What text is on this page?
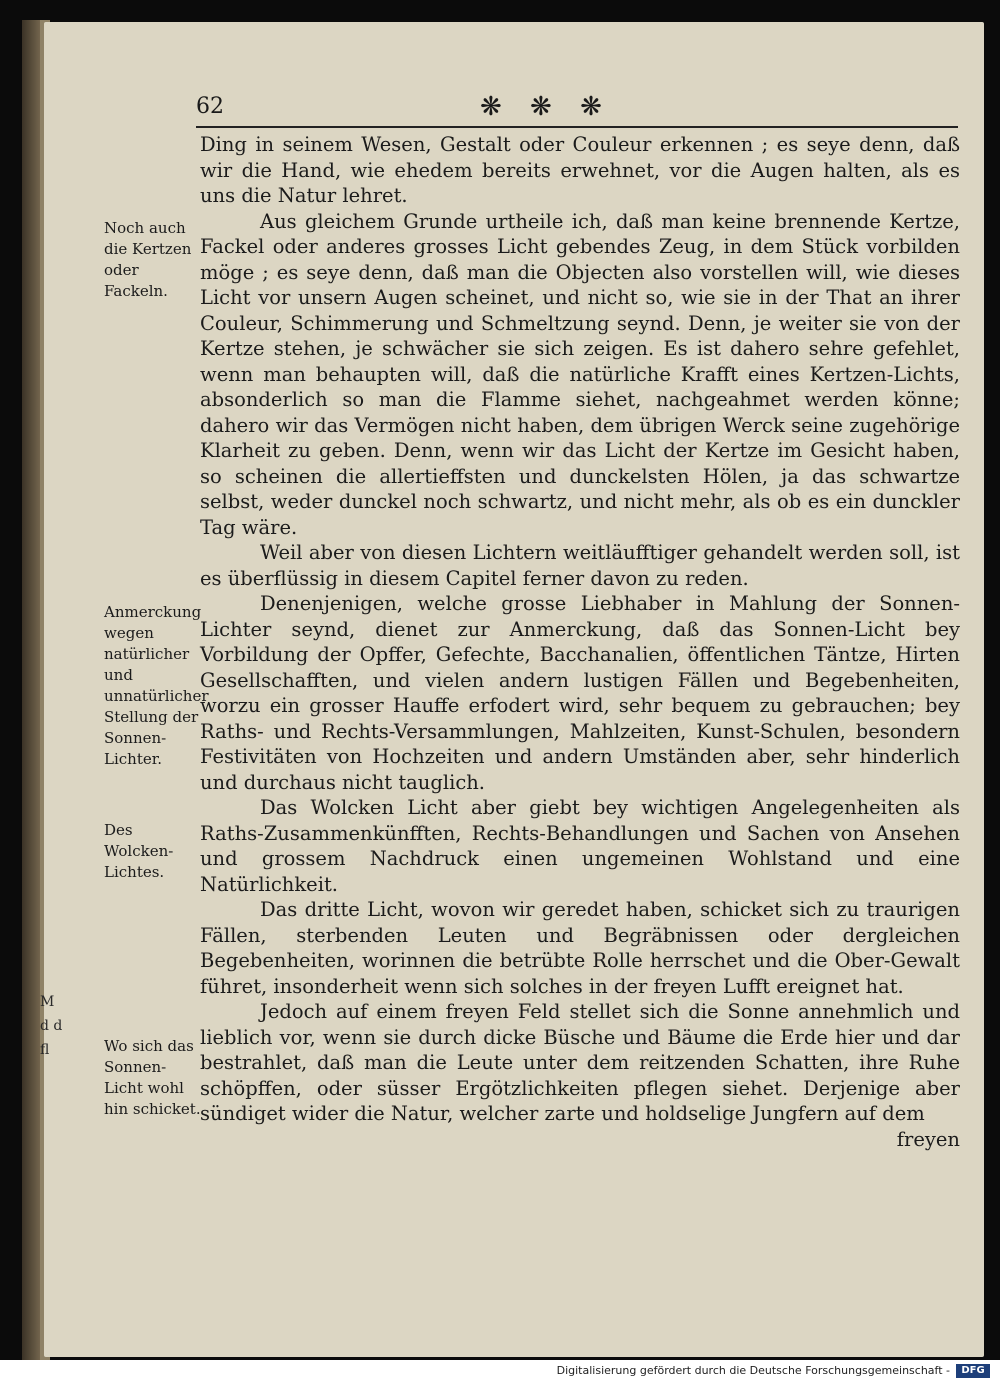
M d d fl
62	❋ ❋ ❋

Ding in seinem Wesen, Gestalt oder Couleur erkennen ; es seye denn, daß wir die Hand, wie ehedem bereits erwehnet, vor die Augen halten, als es uns die Natur lehret.

Aus gleichem Grunde urtheile ich, daß man keine brennende Kertze, Fackel oder anderes grosses Licht gebendes Zeug, in dem Stück vorbilden möge ; es seye denn, daß man die Objecten also vorstellen will, wie dieses Licht vor unsern Augen scheinet, und nicht so, wie sie in der That an ihrer Couleur, Schimmerung und Schmeltzung seynd. Denn, je weiter sie von der Kertze stehen, je schwächer sie sich zeigen. Es ist dahero sehre gefehlet, wenn man behaupten will, daß die natürliche Krafft eines Kertzen-Lichts, absonderlich so man die Flamme siehet, nachgeahmet werden könne; dahero wir das Vermögen nicht haben, dem übrigen Werck seine zugehörige Klarheit zu geben. Denn, wenn wir das Licht der Kertze im Gesicht haben, so scheinen die allertieffsten und dunckelsten Hölen, ja das schwartze selbst, weder dunckel noch schwartz, und nicht mehr, als ob es ein dunckler Tag wäre.

Weil aber von diesen Lichtern weitläufftiger gehandelt werden soll, ist es überflüssig in diesem Capitel ferner davon zu reden.

Denenjenigen, welche grosse Liebhaber in Mahlung der Sonnen-Lichter seynd, dienet zur Anmerckung, daß das Sonnen-Licht bey Vorbildung der Opffer, Gefechte, Bacchanalien, öffentlichen Täntze, Hirten Gesellschafften, und vielen andern lustigen Fällen und Begebenheiten, worzu ein grosser Hauffe erfodert wird, sehr bequem zu gebrauchen; bey Raths- und Rechts-Versammlungen, Mahlzeiten, Kunst-Schulen, besondern Festivitäten von Hochzeiten und andern Umständen aber, sehr hinderlich und durchaus nicht tauglich.

Das Wolcken Licht aber giebt bey wichtigen Angelegenheiten als Raths-Zusammenkünfften, Rechts-Behandlungen und Sachen von Ansehen und grossem Nachdruck einen ungemeinen Wohlstand und eine Natürlichkeit.

Das dritte Licht, wovon wir geredet haben, schicket sich zu traurigen Fällen, sterbenden Leuten und Begräbnissen oder dergleichen Begebenheiten, worinnen die betrübte Rolle herrschet und die Ober-Gewalt führet, insonderheit wenn sich solches in der freyen Lufft ereignet hat.

Jedoch auf einem freyen Feld stellet sich die Sonne annehmlich und lieblich vor, wenn sie durch dicke Büsche und Bäume die Erde hier und dar bestrahlet, daß man die Leute unter dem reitzenden Schatten, ihre Ruhe schöpffen, oder süsser Ergötzlichkeiten pflegen siehet. Derjenige aber sündiget wider die Natur, welcher zarte und holdselige Jungfern auf dem

freyen
Noch auch die Kertzen oder Fackeln.
Anmerckung wegen natürlicher und unnatürlicher Stellung der Sonnen-Lichter.
Des Wolcken-Lichtes.
Wo sich das Sonnen-Licht wohl hin schicket.
Digitalisierung gefördert durch die Deutsche Forschungsgemeinschaft -	DFG
